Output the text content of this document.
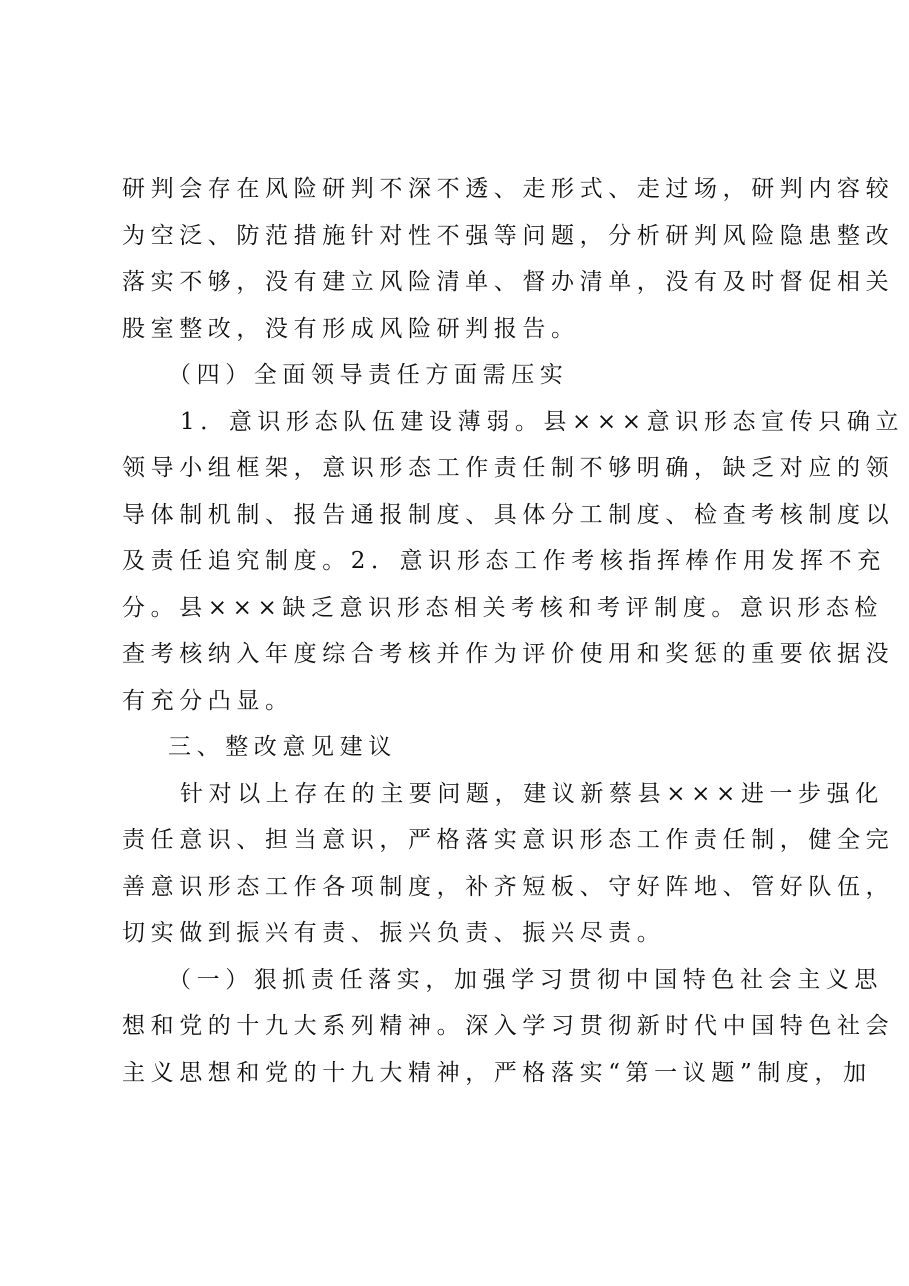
研判会存在风险研判不深不透、走形式、走过场，研判内容较
为空泛、防范措施针对性不强等问题，分析研判风险隐患整改
落实不够，没有建立风险清单、督办清单，没有及时督促相关
股室整改，没有形成风险研判报告。
（四）全面领导责任方面需压实
1．意识形态队伍建设薄弱。县×××意识形态宣传只确立
领导小组框架，意识形态工作责任制不够明确，缺乏对应的领
导体制机制、报告通报制度、具体分工制度、检查考核制度以
及责任追究制度。2．意识形态工作考核指挥棒作用发挥不充
分。县×××缺乏意识形态相关考核和考评制度。意识形态检
查考核纳入年度综合考核并作为评价使用和奖惩的重要依据没
有充分凸显。
三、整改意见建议
针对以上存在的主要问题，建议新蔡县×××进一步强化
责任意识、担当意识，严格落实意识形态工作责任制，健全完
善意识形态工作各项制度，补齐短板、守好阵地、管好队伍，
切实做到振兴有责、振兴负责、振兴尽责。
（一）狠抓责任落实，加强学习贯彻中国特色社会主义思
想和党的十九大系列精神。深入学习贯彻新时代中国特色社会
主义思想和党的十九大精神，严格落实“第一议题”制度，加
